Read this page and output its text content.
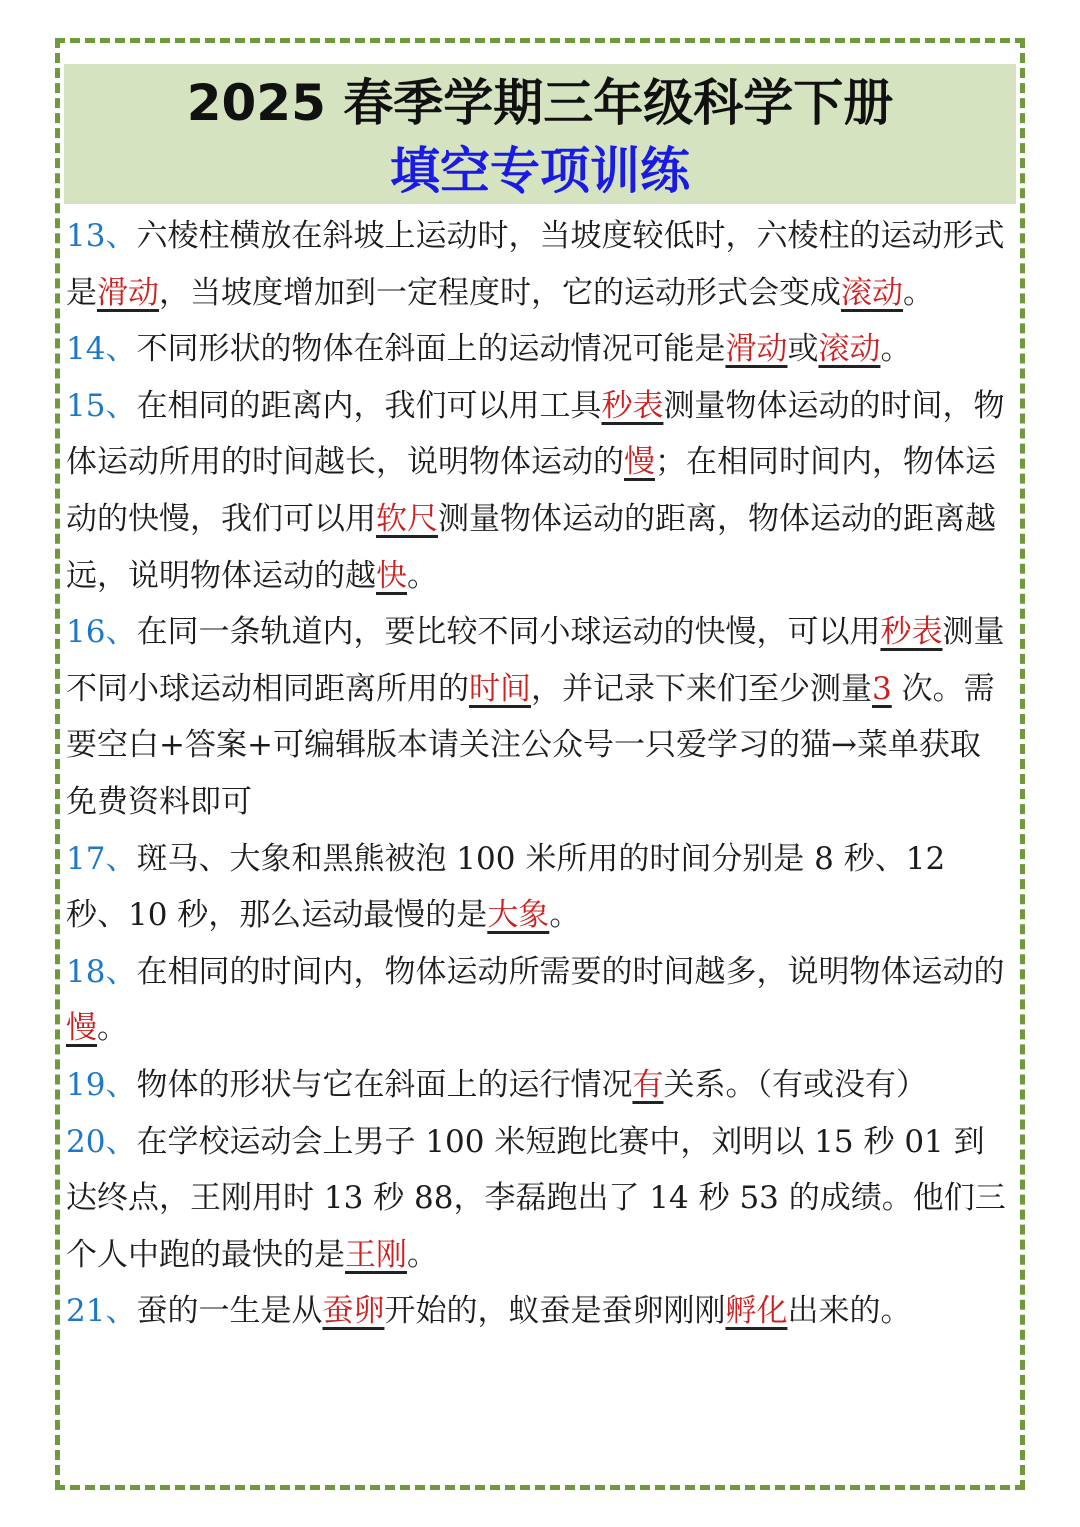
2025 春季学期三年级科学下册
填空专项训练

13、六棱柱横放在斜坡上运动时，当坡度较低时，六棱柱的运动形式是滑动，当坡度增加到一定程度时，它的运动形式会变成滚动。

14、不同形状的物体在斜面上的运动情况可能是滑动或滚动。

15、在相同的距离内，我们可以用工具秒表测量物体运动的时间，物体运动所用的时间越长，说明物体运动的慢；在相同时间内，物体运动的快慢，我们可以用软尺测量物体运动的距离，物体运动的距离越远，说明物体运动的越快。

16、在同一条轨道内，要比较不同小球运动的快慢，可以用秒表测量不同小球运动相同距离所用的时间，并记录下来们至少测量3 次。需要空白+答案+可编辑版本请关注公众号一只爱学习的猫→菜单获取免费资料即可

17、斑马、大象和黑熊被泡 100 米所用的时间分别是 8 秒、12 秒、10 秒，那么运动最慢的是大象。

18、在相同的时间内，物体运动所需要的时间越多，说明物体运动的慢。

19、物体的形状与它在斜面上的运行情况有关系。（有或没有）

20、在学校运动会上男子 100 米短跑比赛中，刘明以 15 秒 01 到达终点，王刚用时 13 秒 88，李磊跑出了 14 秒 53 的成绩。他们三个人中跑的最快的是王刚。

21、蚕的一生是从蚕卵开始的，蚁蚕是蚕卵刚刚孵化出来的。
